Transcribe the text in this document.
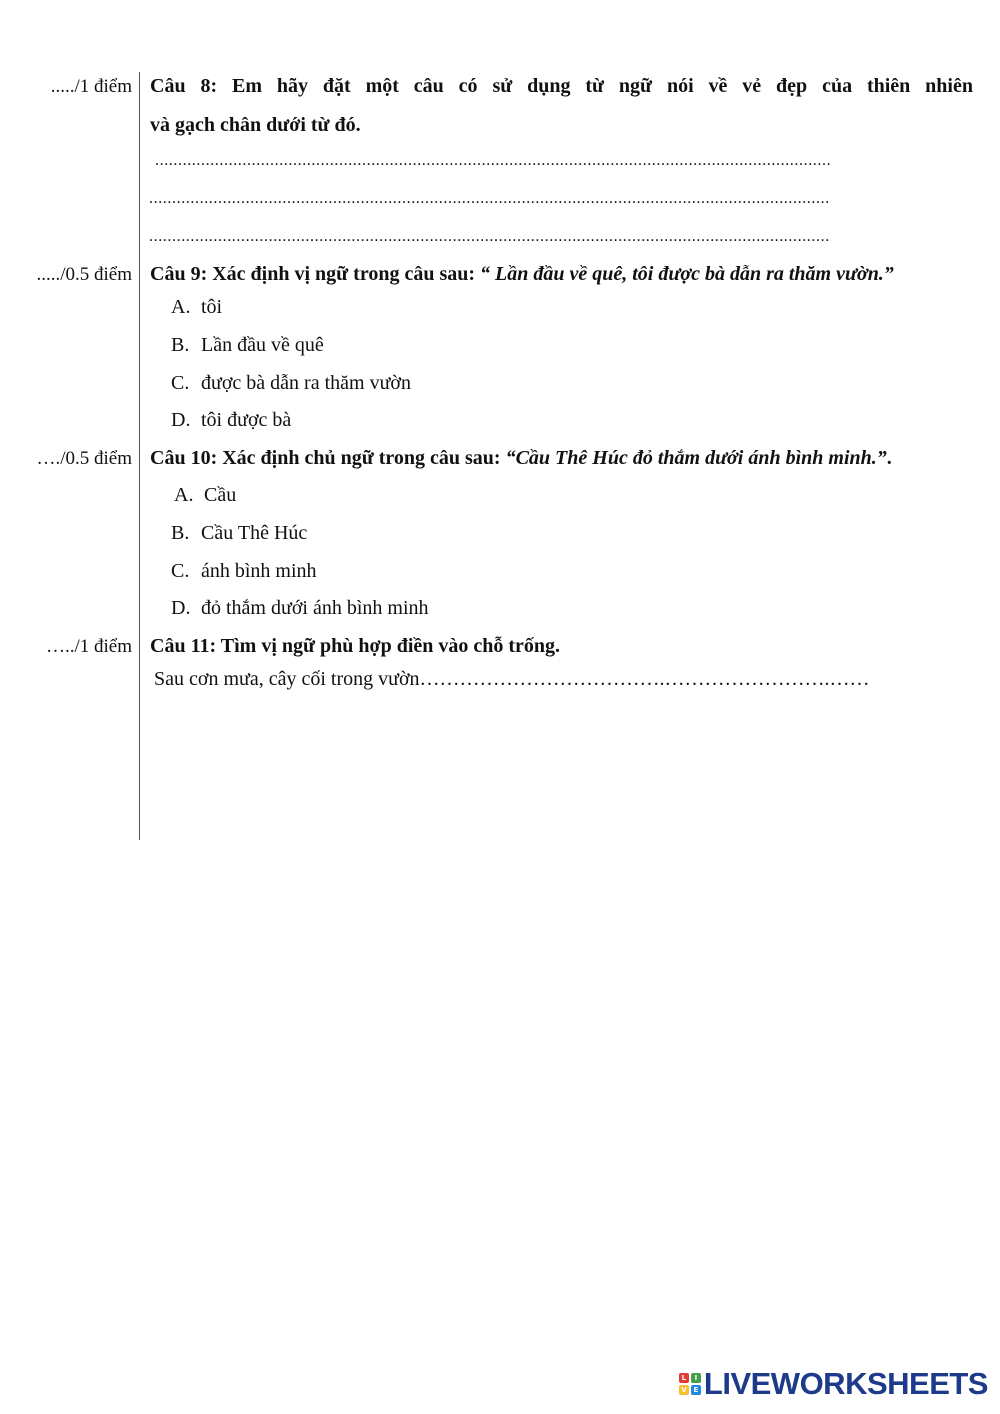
...../1 điểm Câu 8: Em hãy đặt một câu có sử dụng từ ngữ nói về vẻ đẹp của thiên nhiên
và gạch chân dưới từ đó.
...................................................................................................................................................
....................................................................................................................................................
....................................................................................................................................................
...../0.5 điểm Câu 9: Xác định vị ngữ trong câu sau: “ Lần đầu về quê, tôi được bà dẫn ra thăm vườn.”
A. tôi
B. Lần đầu về quê
C. được bà dẫn ra thăm vườn
D. tôi được bà
…./0.5 điểm Câu 10: Xác định chủ ngữ trong câu sau: “Cầu Thê Húc đỏ thắm dưới ánh bình minh.”.
A. Cầu
B. Cầu Thê Húc
C. ánh bình minh
D. đỏ thắm dưới ánh bình minh
…../1 điểm Câu 11: Tìm vị ngữ phù hợp điền vào chỗ trống.
Sau cơn mưa, cây cối trong vườn……………………………….…………………….……
L	I
V E LIVEWORKSHEETS
